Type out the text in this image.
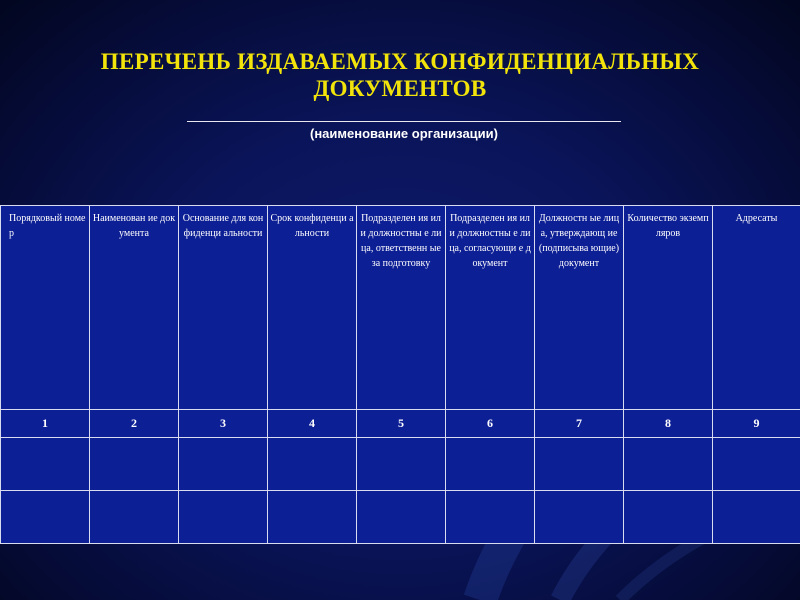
ПЕРЕЧЕНЬ ИЗДАВАЕМЫХ КОНФИДЕНЦИАЛЬНЫХ
ДОКУМЕНТОВ
(наименование организации)
Порядковый номер	Наименован ие документа	Основание для конфиденци альности	Срок конфиденци альности	Подразделен ия или должностны е лица, ответственн ые за подготовку	Подразделен ия или должностны е лица, согласующи е документ	Должностн ые лица, утверждающ ие (подписыва ющие) документ	Количество экземпляров	Адресаты
1	2	3	4	5	6	7	8	9
